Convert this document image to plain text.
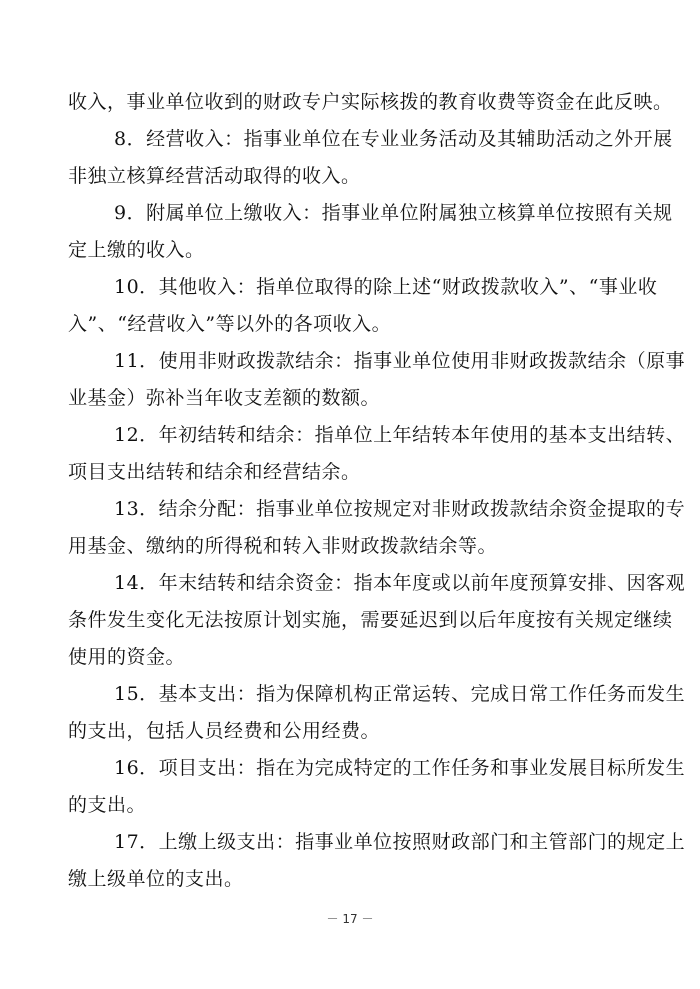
收入，事业单位收到的财政专户实际核拨的教育收费等资金在此反映。
8．经营收入：指事业单位在专业业务活动及其辅助活动之外开展
非独立核算经营活动取得的收入。
9．附属单位上缴收入：指事业单位附属独立核算单位按照有关规
定上缴的收入。
10．其他收入：指单位取得的除上述“财政拨款收入”、“事业收
入”、“经营收入”等以外的各项收入。
11．使用非财政拨款结余：指事业单位使用非财政拨款结余（原事
业基金）弥补当年收支差额的数额。
12．年初结转和结余：指单位上年结转本年使用的基本支出结转、
项目支出结转和结余和经营结余。
13．结余分配：指事业单位按规定对非财政拨款结余资金提取的专
用基金、缴纳的所得税和转入非财政拨款结余等。
14．年末结转和结余资金：指本年度或以前年度预算安排、因客观
条件发生变化无法按原计划实施，需要延迟到以后年度按有关规定继续
使用的资金。
15．基本支出：指为保障机构正常运转、完成日常工作任务而发生
的支出，包括人员经费和公用经费。
16．项目支出：指在为完成特定的工作任务和事业发展目标所发生
的支出。
17．上缴上级支出：指事业单位按照财政部门和主管部门的规定上
缴上级单位的支出。
－ 17 －
